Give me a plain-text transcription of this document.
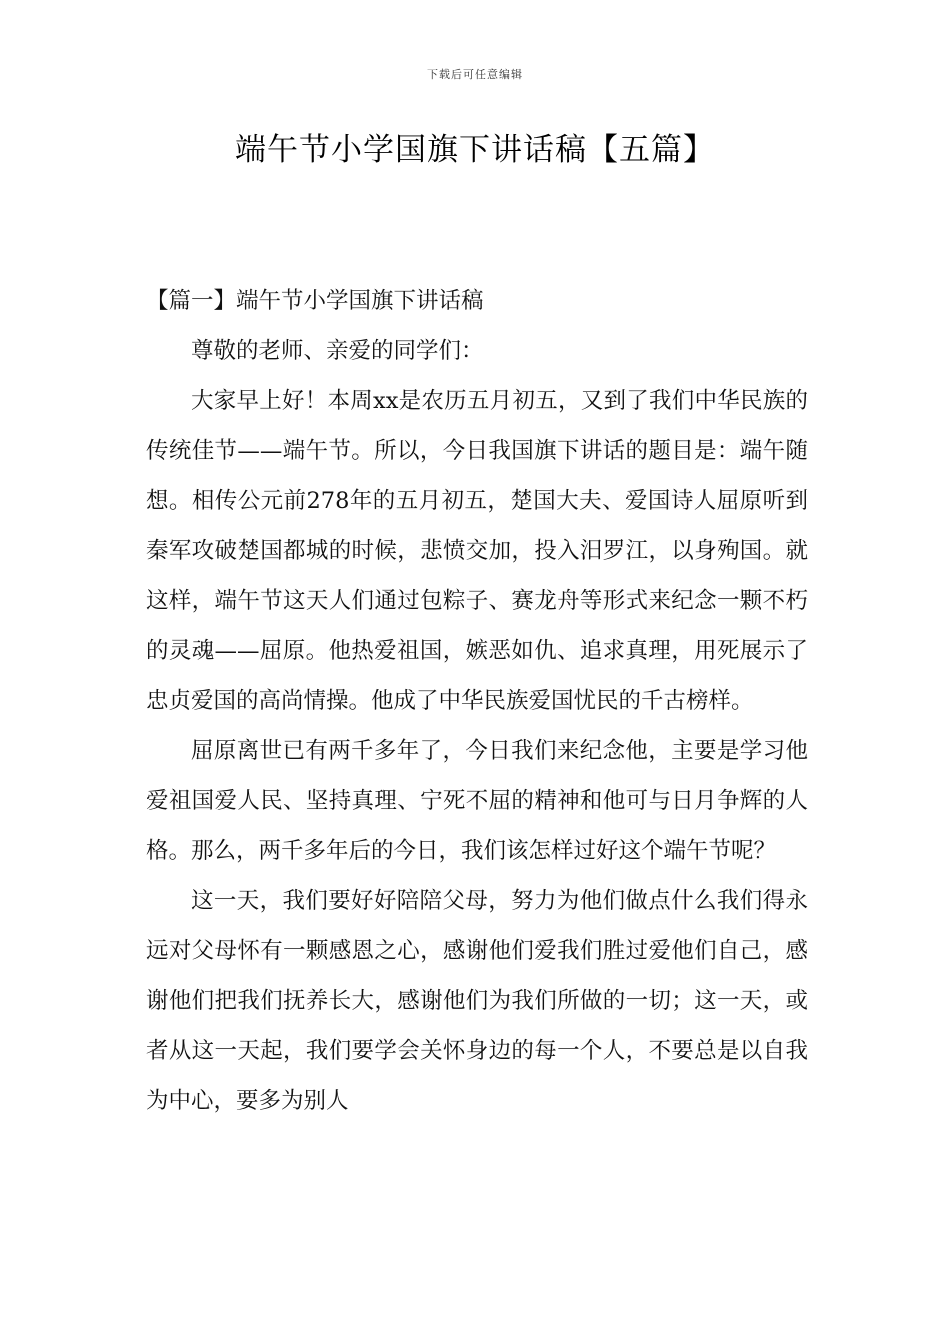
下载后可任意编辑
端午节小学国旗下讲话稿【五篇】

【篇一】端午节小学国旗下讲话稿

尊敬的老师、亲爱的同学们：

大家早上好！本周xx是农历五月初五，又到了我们中华民族的传统佳节——端午节。所以，今日我国旗下讲话的题目是：端午随想。相传公元前278年的五月初五，楚国大夫、爱国诗人屈原听到秦军攻破楚国都城的时候，悲愤交加，投入汨罗江，以身殉国。就这样，端午节这天人们通过包粽子、赛龙舟等形式来纪念一颗不朽的灵魂——屈原。他热爱祖国，嫉恶如仇、追求真理，用死展示了忠贞爱国的高尚情操。他成了中华民族爱国忧民的千古榜样。

屈原离世已有两千多年了，今日我们来纪念他，主要是学习他爱祖国爱人民、坚持真理、宁死不屈的精神和他可与日月争辉的人格。那么，两千多年后的今日，我们该怎样过好这个端午节呢？

这一天，我们要好好陪陪父母，努力为他们做点什么我们得永远对父母怀有一颗感恩之心，感谢他们爱我们胜过爱他们自己，感谢他们把我们抚养长大，感谢他们为我们所做的一切；这一天，或者从这一天起，我们要学会关怀身边的每一个人，不要总是以自我为中心，要多为别人
